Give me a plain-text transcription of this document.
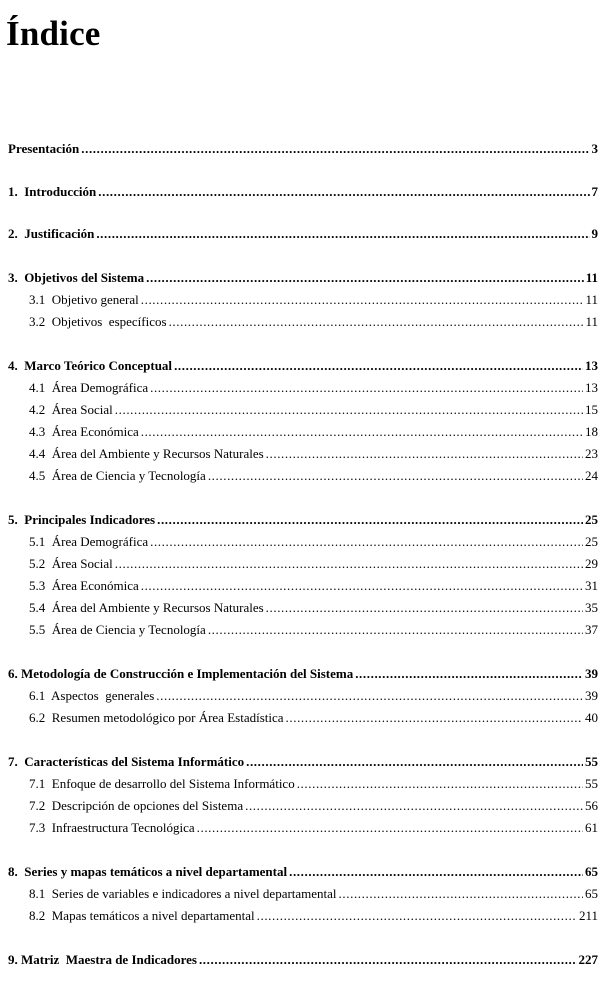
Índice
Presentación .....	3
1.  Introducción .....	7
2.  Justificación .....	9
3.  Objetivos del Sistema .....	11
3.1  Objetivo general .....	11
3.2  Objetivos  específicos .....	11
4.  Marco Teórico Conceptual .....	13
4.1  Área Demográfica .....	13
4.2  Área Social .....	15
4.3  Área Económica .....	18
4.4  Área del Ambiente y Recursos Naturales .....	23
4.5  Área de Ciencia y Tecnología .....	24
5.  Principales Indicadores .....	25
5.1  Área Demográfica .....	25
5.2  Área Social .....	29
5.3  Área Económica .....	31
5.4  Área del Ambiente y Recursos Naturales .....	35
5.5  Área de Ciencia y Tecnología .....	37
6. Metodología de Construcción e Implementación del Sistema .....	39
6.1  Aspectos  generales .....	39
6.2  Resumen metodológico por Área Estadística .....	40
7.  Características del Sistema Informático .....	55
7.1  Enfoque de desarrollo del Sistema Informático .....	55
7.2  Descripción de opciones del Sistema .....	56
7.3  Infraestructura Tecnológica .....	61
8.  Series y mapas temáticos a nivel departamental .....	65
8.1  Series de variables e indicadores a nivel departamental .....	65
8.2  Mapas temáticos a nivel departamental .....	211
9. Matriz  Maestra de Indicadores .....	227
